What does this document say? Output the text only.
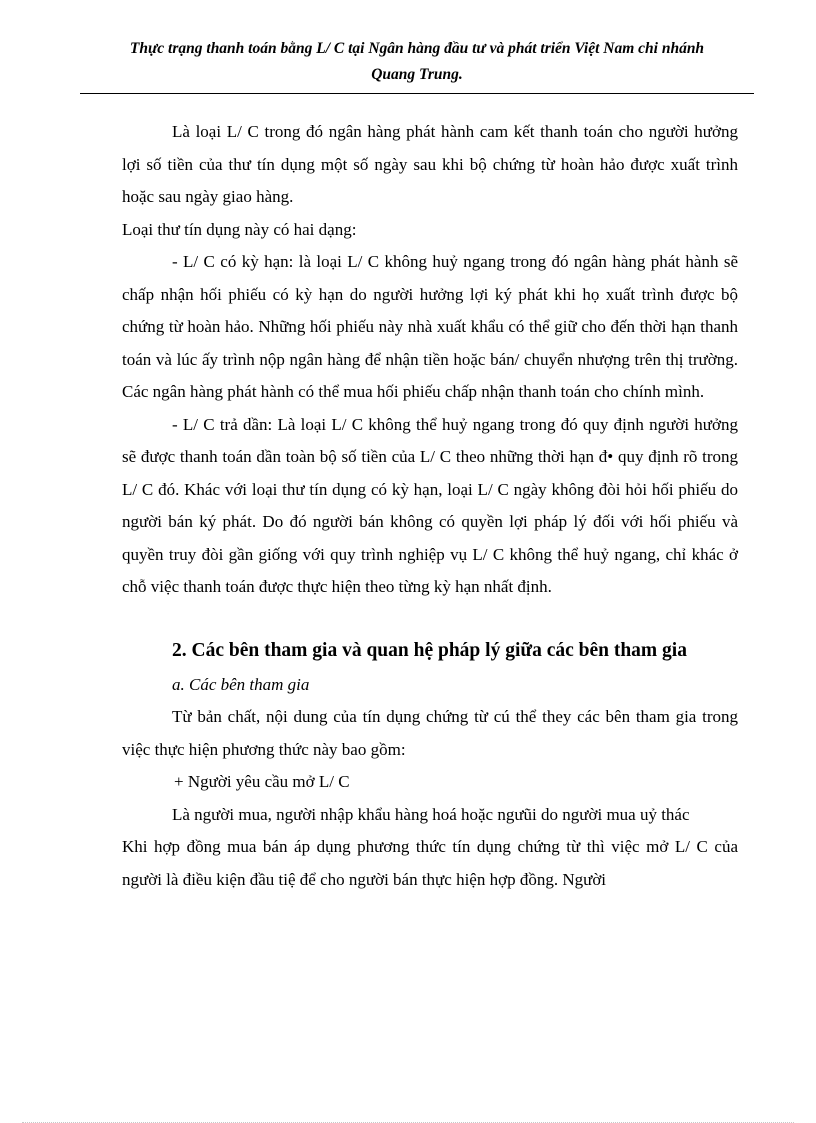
Thực trạng thanh toán bằng L/ C tại Ngân hàng đầu tư và phát triển Việt Nam chi nhánh
Quang Trung.

Là loại L/ C trong đó ngân hàng phát hành cam kết thanh toán cho người hưởng lợi số tiền của thư tín dụng một số ngày sau khi bộ chứng từ hoàn hảo được xuất trình hoặc sau ngày giao hàng.

Loại thư tín dụng này có hai dạng:

- L/ C có kỳ hạn: là loại L/ C không huỷ ngang trong đó ngân hàng phát hành sẽ chấp nhận hối phiếu có kỳ hạn do người hưởng lợi ký phát khi họ xuất trình được bộ chứng từ hoàn hảo. Những hối phiếu này nhà xuất khẩu có thể giữ cho đến thời hạn thanh toán và lúc ấy trình nộp ngân hàng để nhận tiền hoặc bán/ chuyển nhượng trên thị trường. Các ngân hàng phát hành có thể mua hối phiếu chấp nhận thanh toán cho chính mình.

- L/ C trả dần: Là loại L/ C không thể huỷ ngang trong đó quy định người hưởng sẽ được thanh toán dần toàn bộ số tiền của L/ C theo những thời hạn đ• quy định rõ trong L/ C đó. Khác với loại thư tín dụng có kỳ hạn, loại L/ C ngày không đòi hỏi hối phiếu do người bán ký phát. Do đó người bán không có quyền lợi pháp lý đối với hối phiếu và quyền truy đòi gần giống với quy trình nghiệp vụ L/ C không thể huỷ ngang, chỉ khác ở chỗ việc thanh toán được thực hiện theo từng kỳ hạn nhất định.

2. Các bên tham gia và quan hệ pháp lý giữa các bên tham gia

a. Các bên tham gia

Từ bản chất, nội dung của tín dụng chứng từ cú thể they các bên tham gia trong việc thực hiện phương thức này bao gồm:

+ Người yêu cầu mở L/ C

Là người mua, người nhập khẩu hàng hoá hoặc ngưũi do người mua uỷ thác

Khi hợp đồng mua bán áp dụng phương thức tín dụng chứng từ thì việc mở L/ C của người là điều kiện đầu tiệ để cho người bán thực hiện hợp đồng. Người
